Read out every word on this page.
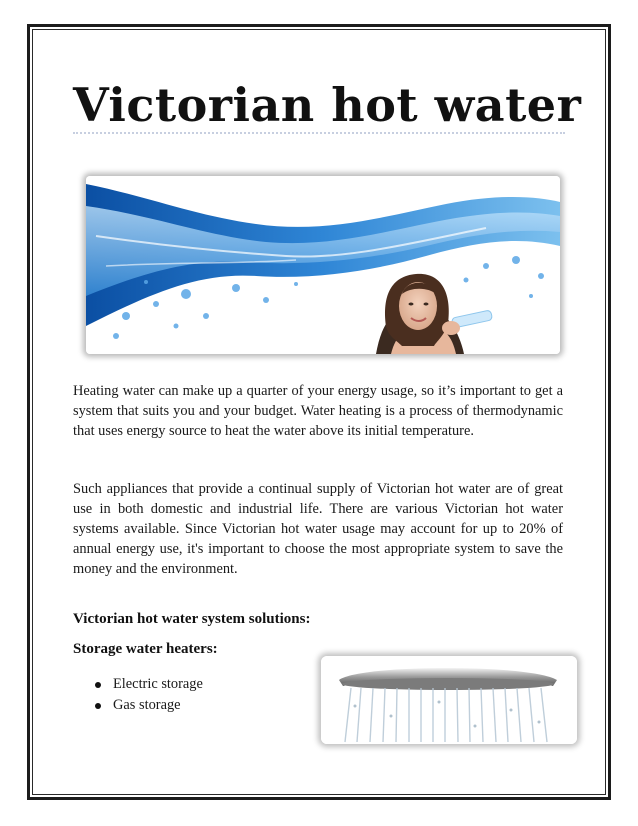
Victorian hot water
Heating water can make up a quarter of your energy usage, so it’s important to get a system that suits you and your budget. Water heating is a process of thermodynamic that uses energy source to heat the water above its initial temperature.
Such appliances that provide a continual supply of Victorian hot water are of great use in both domestic and industrial life. There are various Victorian hot water systems available. Since Victorian hot water usage may account for up to 20% of annual energy use, it's important to choose the most appropriate system to save the money and the environment.
Victorian hot water system solutions:
Storage water heaters:
Electric storage
Gas storage
